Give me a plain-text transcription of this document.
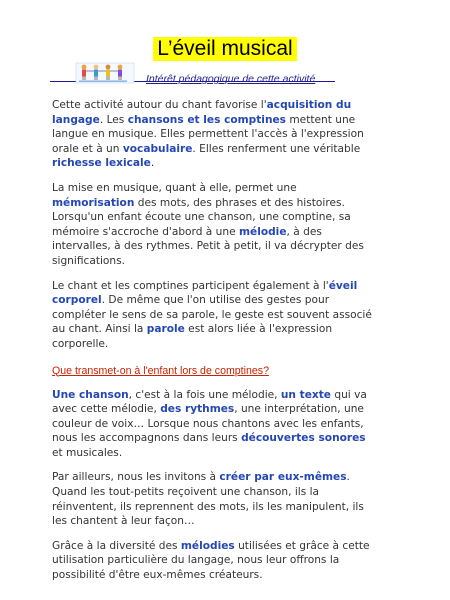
L’éveil musical
Intérêt pédagogique de cette activité

Cette activité autour du chant favorise l'acquisition du langage. Les chansons et les comptines mettent une langue en musique. Elles permettent l'accès à l'expression orale et à un vocabulaire. Elles renferment une véritable richesse lexicale.

La mise en musique, quant à elle, permet une mémorisation des mots, des phrases et des histoires. Lorsqu'un enfant écoute une chanson, une comptine, sa mémoire s'accroche d'abord à une mélodie, à des intervalles, à des rythmes. Petit à petit, il va décrypter des significations.

Le chant et les comptines participent également à l'éveil corporel. De même que l'on utilise des gestes pour compléter le sens de sa parole, le geste est souvent associé au chant. Ainsi la parole est alors liée à l'expression corporelle.

Que transmet-on à l'enfant lors de comptines?

Une chanson, c'est à la fois une mélodie, un texte qui va avec cette mélodie, des rythmes, une interprétation, une couleur de voix… Lorsque nous chantons avec les enfants, nous les accompagnons dans leurs découvertes sonores et musicales.

Par ailleurs, nous les invitons à créer par eux-mêmes. Quand les tout-petits reçoivent une chanson, ils la réinventent, ils reprennent des mots, ils les manipulent, ils les chantent à leur façon…

Grâce à la diversité des mélodies utilisées et grâce à cette utilisation particulière du langage, nous leur offrons la possibilité d'être eux-mêmes créateurs.
